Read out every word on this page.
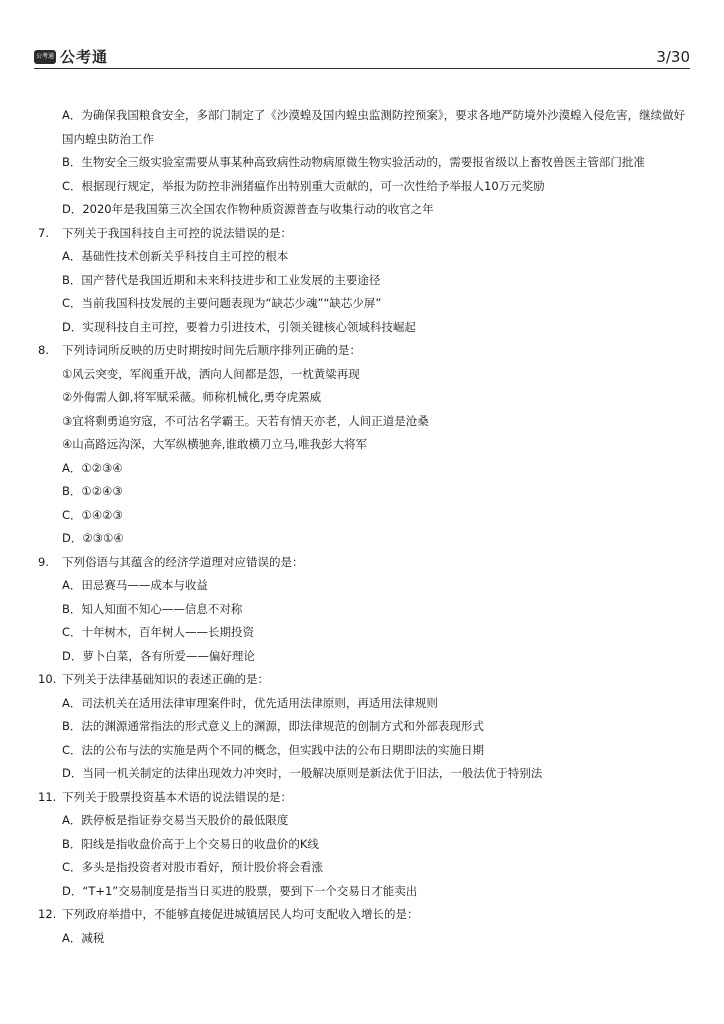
公考通 公考通	3/30
A．为确保我国粮食安全，多部门制定了《沙漠蝗及国内蝗虫监测防控预案》，要求各地严防境外沙漠蝗入侵危害，继续做好国内蝗虫防治工作
B．生物安全三级实验室需要从事某种高致病性动物病原微生物实验活动的，需要报省级以上畜牧兽医主管部门批准
C．根据现行规定，举报为防控非洲猪瘟作出特别重大贡献的，可一次性给予举报人10万元奖励
D．2020年是我国第三次全国农作物种质资源普查与收集行动的收官之年
7. 下列关于我国科技自主可控的说法错误的是：
A．基础性技术创新关乎科技自主可控的根本
B．国产替代是我国近期和未来科技进步和工业发展的主要途径
C．当前我国科技发展的主要问题表现为“缺芯少魂”“缺芯少屏”
D．实现科技自主可控，要着力引进技术，引领关键核心领域科技崛起
8. 下列诗词所反映的历史时期按时间先后顺序排列正确的是：
①风云突变，军阀重开战，洒向人间都是怨，一枕黄粱再现
②外侮需人御,将军赋采薇。师称机械化,勇夺虎罴威
③宜将剩勇追穷寇，不可沽名学霸王。天若有情天亦老，人间正道是沧桑
④山高路远沟深，大军纵横驰奔,谁敢横刀立马,唯我彭大将军
A．①②③④
B．①②④③
C．①④②③
D．②③①④
9. 下列俗语与其蕴含的经济学道理对应错误的是：
A．田忌赛马——成本与收益
B．知人知面不知心——信息不对称
C．十年树木，百年树人——长期投资
D．萝卜白菜，各有所爱——偏好理论
10. 下列关于法律基础知识的表述正确的是：
A．司法机关在适用法律审理案件时，优先适用法律原则，再适用法律规则
B．法的渊源通常指法的形式意义上的渊源，即法律规范的创制方式和外部表现形式
C．法的公布与法的实施是两个不同的概念，但实践中法的公布日期即法的实施日期
D．当同一机关制定的法律出现效力冲突时，一般解决原则是新法优于旧法，一般法优于特别法
11. 下列关于股票投资基本术语的说法错误的是：
A．跌停板是指证券交易当天股价的最低限度
B．阳线是指收盘价高于上个交易日的收盘价的K线
C．多头是指投资者对股市看好，预计股价将会看涨
D．“T+1”交易制度是指当日买进的股票，要到下一个交易日才能卖出
12. 下列政府举措中，不能够直接促进城镇居民人均可支配收入增长的是：
A．减税
